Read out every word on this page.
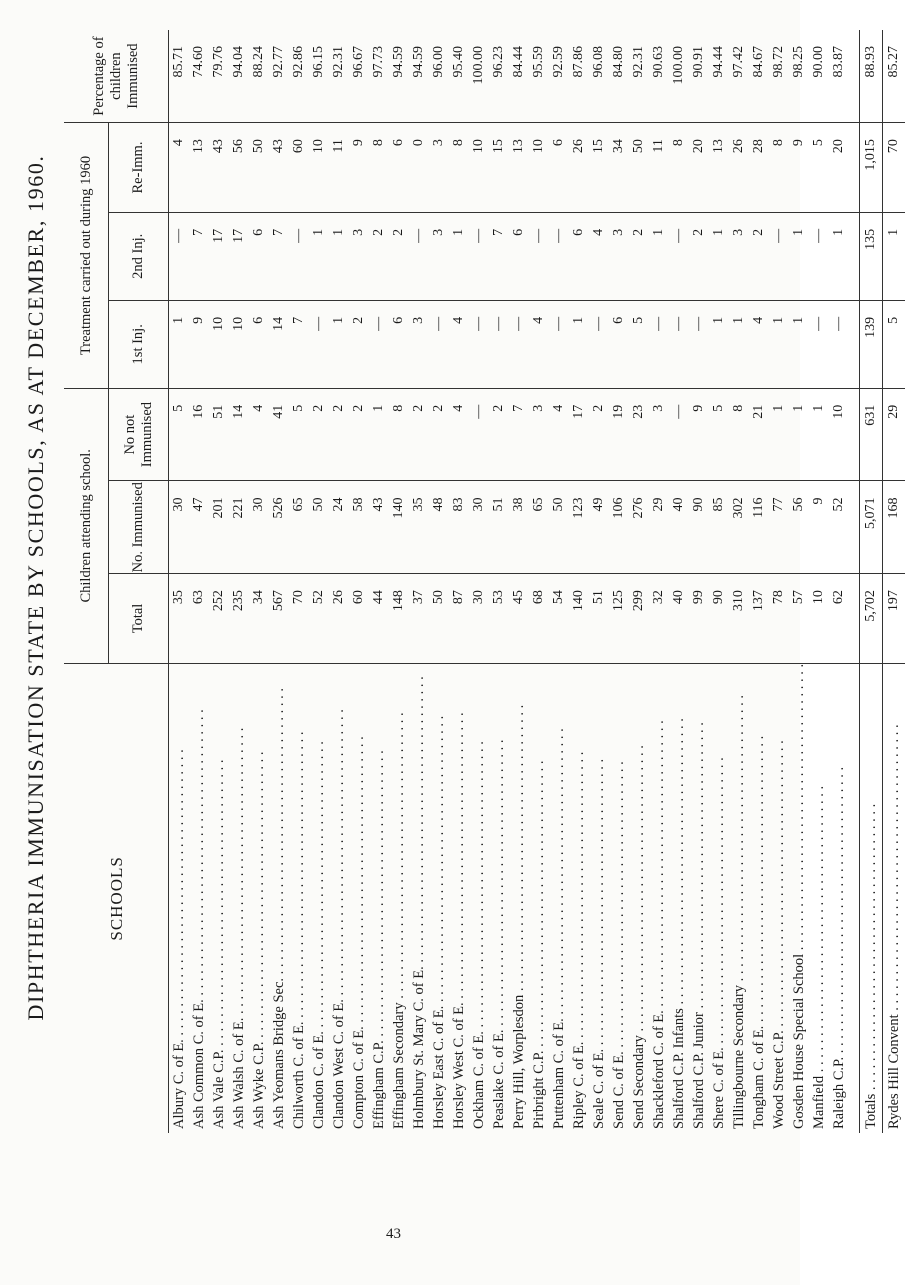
DIPHTHERIA IMMUNISATION STATE BY SCHOOLS, AS AT DECEMBER, 1960.	SCHOOLS	Children attending school.			Treatment carried out during 1960			Percentage of children Immunised
	Total	No. Immunised	No not Immunised	1st Inj.	2nd Inj.	Re-Imm.	
Albury C. of E. . . . . . . . . . . . . . . . . . . . . . . . . . . . . . . . . . . . . . . . .	35	30	5	1	—	4	85.71
Ash Common C. of E. . . . . . . . . . . . . . . . . . . . . . . . . . . . . . . . . . . . . . . . .	63	47	16	9	7	13	74.60
Ash Vale C.P. . . . . . . . . . . . . . . . . . . . . . . . . . . . . . . . . . . . . . . . .	252	201	51	10	17	43	79.76
Ash Walsh C. of E. . . . . . . . . . . . . . . . . . . . . . . . . . . . . . . . . . . . . . . . .	235	221	14	10	17	56	94.04
Ash Wyke C.P. . . . . . . . . . . . . . . . . . . . . . . . . . . . . . . . . . . . . . . . .	34	30	4	6	6	50	88.24
Ash Yeomans Bridge Sec. . . . . . . . . . . . . . . . . . . . . . . . . . . . . . . . . . . . . . . . .	567	526	41	14	7	43	92.77
Chilworth C. of E. . . . . . . . . . . . . . . . . . . . . . . . . . . . . . . . . . . . . . . . .	70	65	5	7	—	60	92.86
Clandon C. of E. . . . . . . . . . . . . . . . . . . . . . . . . . . . . . . . . . . . . . . . .	52	50	2	—	1	10	96.15
Clandon West C. of E. . . . . . . . . . . . . . . . . . . . . . . . . . . . . . . . . . . . . . . . .	26	24	2	1	1	11	92.31
Compton C. of E. . . . . . . . . . . . . . . . . . . . . . . . . . . . . . . . . . . . . . . . .	60	58	2	2	3	9	96.67
Effingham C.P. . . . . . . . . . . . . . . . . . . . . . . . . . . . . . . . . . . . . . . . .	44	43	1	—	2	8	97.73
Effingham Secondary . . . . . . . . . . . . . . . . . . . . . . . . . . . . . . . . . . . . . . . .	148	140	8	6	2	6	94.59
Holmbury St. Mary C. of E. . . . . . . . . . . . . . . . . . . . . . . . . . . . . . . . . . . . . . . . .	37	35	2	3	—	0	94.59
Horsley East C. of E. . . . . . . . . . . . . . . . . . . . . . . . . . . . . . . . . . . . . . . . .	50	48	2	—	3	3	96.00
Horsley West C. of E. . . . . . . . . . . . . . . . . . . . . . . . . . . . . . . . . . . . . . . . .	87	83	4	4	1	8	95.40
Ockham C. of E. . . . . . . . . . . . . . . . . . . . . . . . . . . . . . . . . . . . . . . . .	30	30	—	—	—	10	100.00
Peaslake C. of E. . . . . . . . . . . . . . . . . . . . . . . . . . . . . . . . . . . . . . . . .	53	51	2	—	7	15	96.23
Perry Hill, Worplesdon . . . . . . . . . . . . . . . . . . . . . . . . . . . . . . . . . . . . . . . .	45	38	7	—	6	13	84.44
Pirbright C.P. . . . . . . . . . . . . . . . . . . . . . . . . . . . . . . . . . . . . . . . .	68	65	3	4	—	10	95.59
Puttenham C. of E. . . . . . . . . . . . . . . . . . . . . . . . . . . . . . . . . . . . . . . . .	54	50	4	—	—	6	92.59
Ripley C. of E. . . . . . . . . . . . . . . . . . . . . . . . . . . . . . . . . . . . . . . . .	140	123	17	1	6	26	87.86
Seale C. of E. . . . . . . . . . . . . . . . . . . . . . . . . . . . . . . . . . . . . . . . .	51	49	2	—	4	15	96.08
Send C. of E. . . . . . . . . . . . . . . . . . . . . . . . . . . . . . . . . . . . . . . . .	125	106	19	6	3	34	84.80
Send Secondary . . . . . . . . . . . . . . . . . . . . . . . . . . . . . . . . . . . . . . . .	299	276	23	5	2	50	92.31
Shackleford C. of E. . . . . . . . . . . . . . . . . . . . . . . . . . . . . . . . . . . . . . . . .	32	29	3	—	1	11	90.63
Shalford C.P. Infants . . . . . . . . . . . . . . . . . . . . . . . . . . . . . . . . . . . . . . . .	40	40	—	—	—	8	100.00
Shalford C.P. Junior . . . . . . . . . . . . . . . . . . . . . . . . . . . . . . . . . . . . . . . .	99	90	9	—	2	20	90.91
Shere C. of E. . . . . . . . . . . . . . . . . . . . . . . . . . . . . . . . . . . . . . . . .	90	85	5	1	1	13	94.44
Tillingbourne Secondary . . . . . . . . . . . . . . . . . . . . . . . . . . . . . . . . . . . . . . . .	310	302	8	1	3	26	97.42
Tongham C. of E. . . . . . . . . . . . . . . . . . . . . . . . . . . . . . . . . . . . . . . . .	137	116	21	4	2	28	84.67
Wood Street C.P. . . . . . . . . . . . . . . . . . . . . . . . . . . . . . . . . . . . . . . . .	78	77	1	1	—	8	98.72
Gosden House Special School . . . . . . . . . . . . . . . . . . . . . . . . . . . . . . . . . . . . . . . .	57	56	1	1	1	9	98.25
Manfield . . . . . . . . . . . . . . . . . . . . . . . . . . . . . . . . . . . . . . . .	10	9	1	—	—	5	90.00
Raleigh C.P. . . . . . . . . . . . . . . . . . . . . . . . . . . . . . . . . . . . . . . . .	62	52	10	—	1	20	83.87

Totals . . . . . . . . . . . . . . . . . . . . . . . . . . . . . . . . . . . . . . . .	5,702	5,071	631	139	135	1,015	88.93
Rydes Hill Convent . . . . . . . . . . . . . . . . . . . . . . . . . . . . . . . . . . . . . . . .	197	168	29	5	1	70	85.27
43
